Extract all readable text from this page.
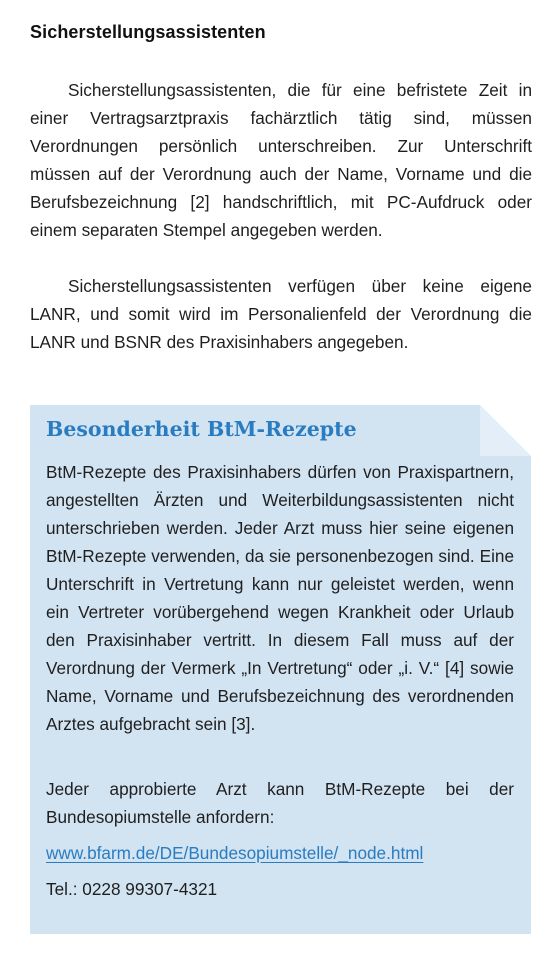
Sicherstellungsassistenten

Sicherstellungsassistenten, die für eine befristete Zeit in einer Vertragsarztpraxis fachärztlich tätig sind, müssen Verordnungen persönlich unterschreiben. Zur Unterschrift müssen auf der Verordnung auch der Name, Vorname und die Berufsbezeichnung [2] handschriftlich, mit PC-Aufdruck oder einem separaten Stempel angegeben werden.

Sicherstellungsassistenten verfügen über keine eigene LANR, und somit wird im Personalienfeld der Verordnung die LANR und BSNR des Praxisinhabers angegeben.

Besonderheit BtM-Rezepte

BtM-Rezepte des Praxisinhabers dürfen von Praxispartnern, angestellten Ärzten und Weiterbildungsassistenten nicht unterschrieben werden. Jeder Arzt muss hier seine eigenen BtM-Rezepte verwenden, da sie personenbezogen sind. Eine Unterschrift in Vertretung kann nur geleistet werden, wenn ein Vertreter vorübergehend wegen Krankheit oder Urlaub den Praxisinhaber vertritt. In diesem Fall muss auf der Verordnung der Vermerk „In Vertretung“ oder „i. V.“ [4] sowie Name, Vorname und Berufsbezeichnung des verordnenden Arztes aufgebracht sein [3].

Jeder approbierte Arzt kann BtM-Rezepte bei der Bundesopiumstelle anfordern:

www.bfarm.de/DE/Bundesopiumstelle/_node.html

Tel.: 0228 99307-4321
